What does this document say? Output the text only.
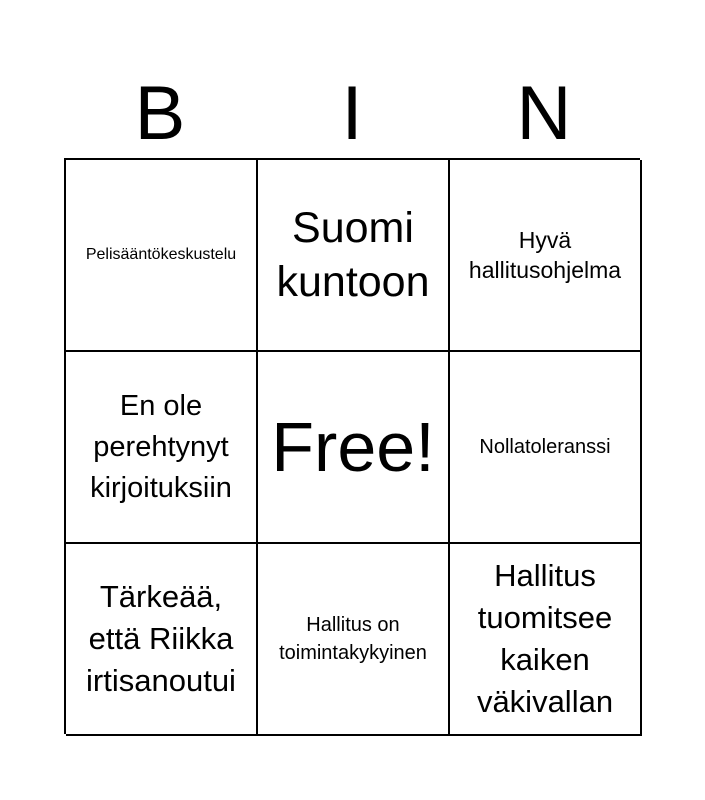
B	I	N
Pelisääntökeskustelu
Suomi kuntoon
Hyvä hallitusohjelma
En ole perehtynyt kirjoituksiin
Free! Nollatoleranssi
Tärkeää, että Riikka irtisanoutui
Hallitus on toimintakykyinen
Hallitus tuomitsee kaiken väkivallan
